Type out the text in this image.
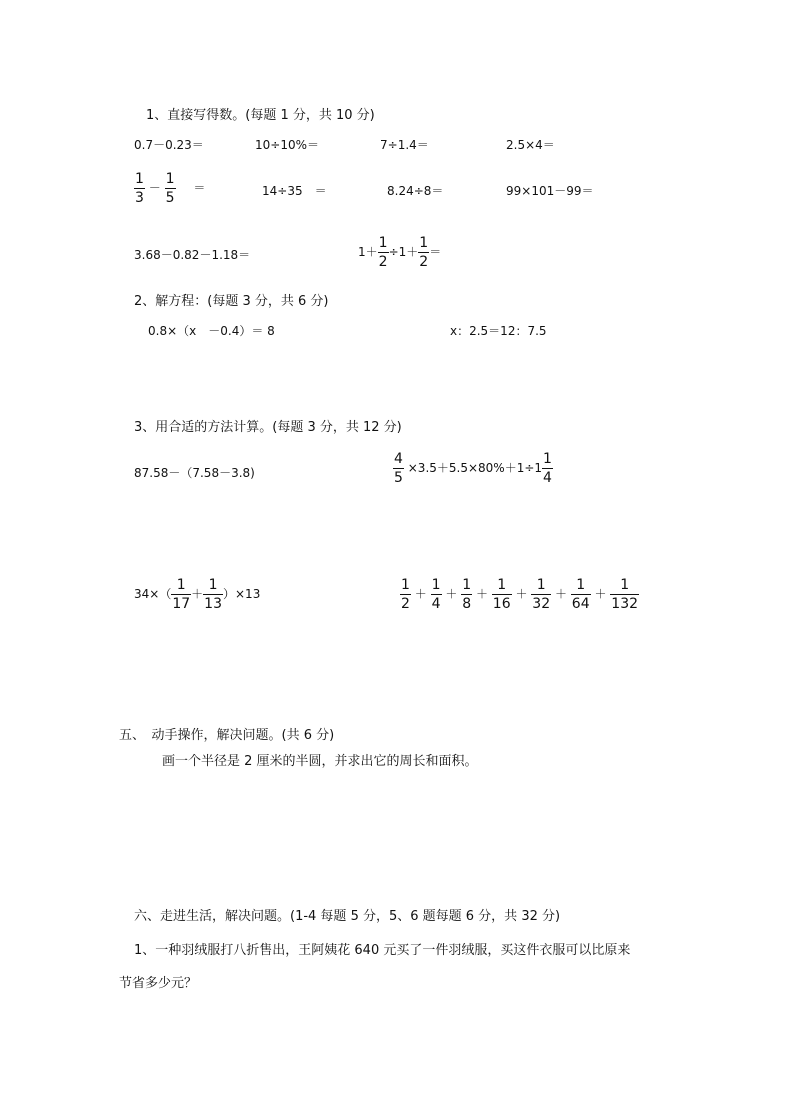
1、直接写得数。(每题 1 分，共 10 分)
0.7－0.23＝	10÷10%＝	7÷1.4＝	2.5×4＝
$\frac{1}{3} - \frac{1}{5}$ ＝	14÷35　＝	8.24÷8＝	99×101－99＝
3.68－0.82－1.18＝	$1+ \frac{1}{2} \div 1+ \frac{1}{2}$ ＝
2、解方程：(每题 3 分，共 6 分)
0.8×（x　－0.4）＝ 8	x：2.5＝12：7.5
3、用合适的方法计算。(每题 3 分，共 12 分)
87.58－（7.58－3.8)	$\frac{4}{5} \times 3.5+5.5\times 80\%+1\div 1 \frac{1}{4}$
$34\times( \frac{1}{17} + \frac{1}{13} )\times 13$	$\frac{1}{2} + \frac{1}{4} + \frac{1}{8} + \frac{1}{16} + \frac{1}{32} + \frac{1}{64} + \frac{1}{132}$
五、　动手操作，解决问题。(共 6 分)
画一个半径是 2 厘米的半圆，并求出它的周长和面积。
六、走进生活，解决问题。(1-4 每题 5 分，5、6 题每题 6 分，共 32 分)
1、一种羽绒服打八折售出，王阿姨花 640 元买了一件羽绒服，买这件衣服可以比原来
节省多少元？
